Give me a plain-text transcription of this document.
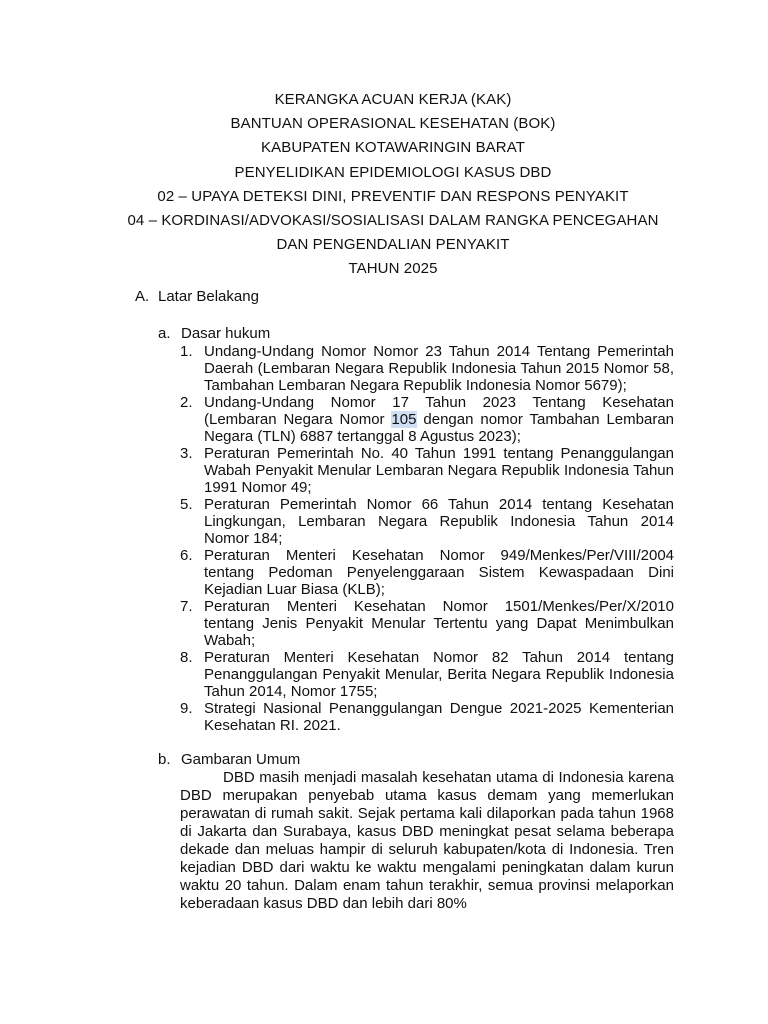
KERANGKA ACUAN KERJA (KAK)
BANTUAN OPERASIONAL KESEHATAN (BOK)
KABUPATEN KOTAWARINGIN BARAT
PENYELIDIKAN EPIDEMIOLOGI KASUS DBD
02 – UPAYA DETEKSI DINI, PREVENTIF DAN RESPONS PENYAKIT
04 – KORDINASI/ADVOKASI/SOSIALISASI DALAM RANGKA PENCEGAHAN
DAN PENGENDALIAN PENYAKIT
TAHUN 2025
A. Latar Belakang
a. Dasar hukum
1. Undang-Undang Nomor Nomor 23 Tahun 2014 Tentang Pemerintah Daerah (Lembaran Negara Republik Indonesia Tahun 2015 Nomor 58, Tambahan Lembaran Negara Republik Indonesia Nomor 5679);
2. Undang-Undang Nomor 17 Tahun 2023 Tentang Kesehatan (Lembaran Negara Nomor 105 dengan nomor Tambahan Lembaran Negara (TLN) 6887 tertanggal 8 Agustus 2023);
3. Peraturan Pemerintah No. 40 Tahun 1991 tentang Penanggulangan Wabah Penyakit Menular Lembaran Negara Republik Indonesia Tahun 1991 Nomor 49;
5. Peraturan Pemerintah Nomor 66 Tahun 2014 tentang Kesehatan Lingkungan, Lembaran Negara Republik Indonesia Tahun 2014 Nomor 184;
6. Peraturan Menteri Kesehatan Nomor 949/Menkes/Per/VIII/2004 tentang Pedoman Penyelenggaraan Sistem Kewaspadaan Dini Kejadian Luar Biasa (KLB);
7. Peraturan Menteri Kesehatan Nomor 1501/Menkes/Per/X/2010 tentang Jenis Penyakit Menular Tertentu yang Dapat Menimbulkan Wabah;
8. Peraturan Menteri Kesehatan Nomor 82 Tahun 2014 tentang Penanggulangan Penyakit Menular, Berita Negara Republik Indonesia Tahun 2014, Nomor 1755;
9. Strategi Nasional Penanggulangan Dengue 2021-2025 Kementerian Kesehatan RI. 2021.
b. Gambaran Umum

DBD masih menjadi masalah kesehatan utama di Indonesia karena DBD merupakan penyebab utama kasus demam yang memerlukan perawatan di rumah sakit. Sejak pertama kali dilaporkan pada tahun 1968 di Jakarta dan Surabaya, kasus DBD meningkat pesat selama beberapa dekade dan meluas hampir di seluruh kabupaten/kota di Indonesia. Tren kejadian DBD dari waktu ke waktu mengalami peningkatan dalam kurun waktu 20 tahun. Dalam enam tahun terakhir, semua provinsi melaporkan keberadaan kasus DBD dan lebih dari 80%
